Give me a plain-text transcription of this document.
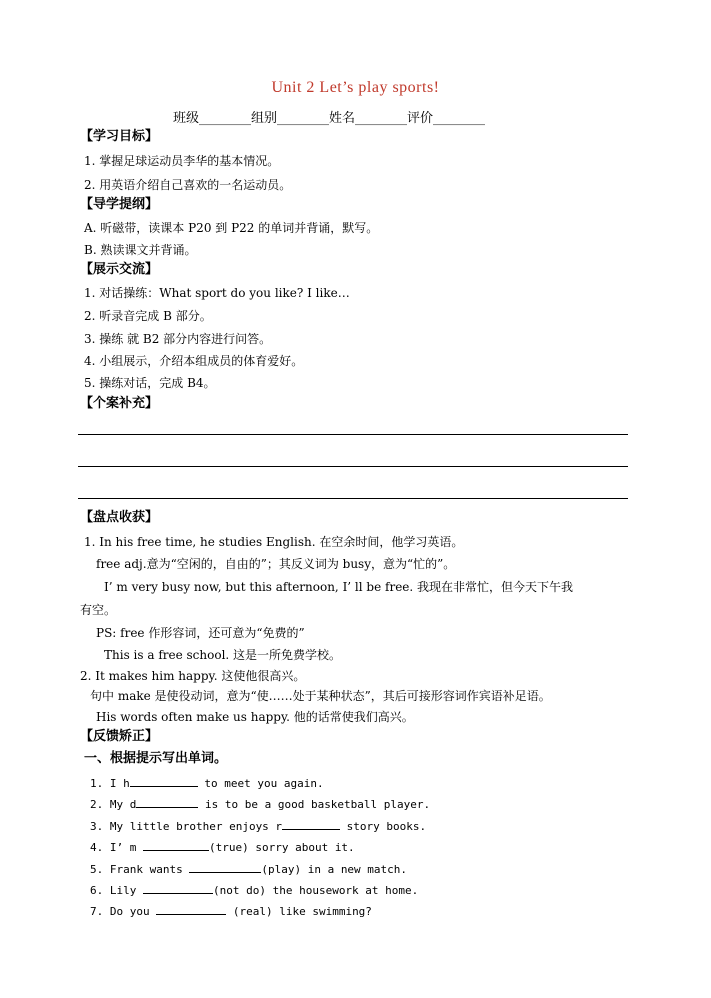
Unit 2 Let’s play sports!
班级________组别________姓名________评价________
【学习目标】
1. 掌握足球运动员李华的基本情况。
2. 用英语介绍自己喜欢的一名运动员。
【导学提纲】
A. 听磁带，读课本 P20 到 P22 的单词并背诵，默写。
B. 熟读课文并背诵。
【展示交流】
1. 对话操练：What sport do you like? I like…
2. 听录音完成 B 部分。
3. 操练 就 B2 部分内容进行问答。
4. 小组展示，介绍本组成员的体育爱好。
5. 操练对话，完成 B4。
【个案补充】
【盘点收获】
1. In his free time, he studies English. 在空余时间，他学习英语。
free adj.意为“空闲的，自由的”；其反义词为 busy，意为“忙的”。
I’ m very busy now, but this afternoon, I’ ll be free. 我现在非常忙，但今天下午我
有空。
PS: free 作形容词，还可意为“免费的”
This is a free school. 这是一所免费学校。
2. It makes him happy. 这使他很高兴。
句中 make 是使役动词，意为“使……处于某种状态”，其后可接形容词作宾语补足语。
His words often make us happy. 他的话常使我们高兴。
【反馈矫正】
一、根据提示写出单词。
1. I h	to meet you again.
2. My d	is to be a good basketball player.
3. My little brother enjoys r	story books.
4. I’ m	(true) sorry about it.
5. Frank wants	(play) in a new match.
6. Lily	(not do) the housework at home.
7. Do you	(real) like swimming?
